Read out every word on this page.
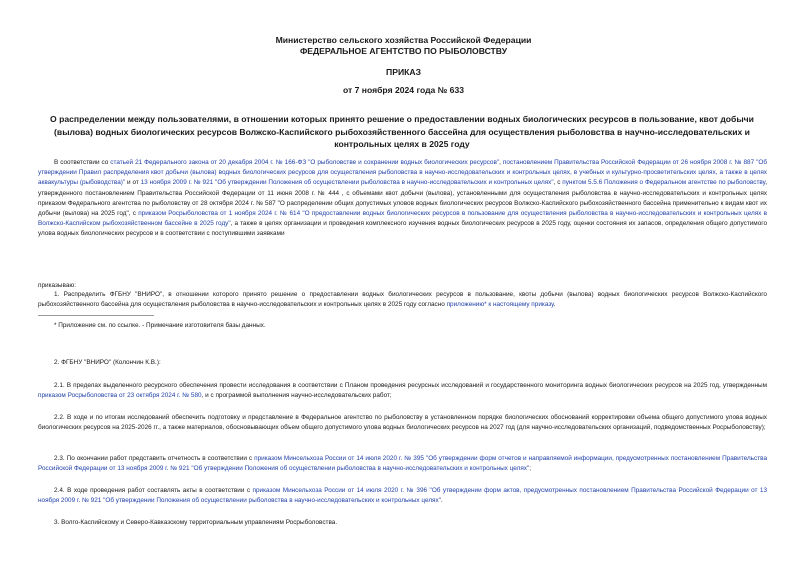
Министерство сельского хозяйства Российской Федерации
ФЕДЕРАЛЬНОЕ АГЕНТСТВО ПО РЫБОЛОВСТВУ
ПРИКАЗ
от 7 ноября 2024 года № 633
О распределении между пользователями, в отношении которых принято решение о предоставлении водных биологических ресурсов в пользование, квот добычи (вылова) водных биологических ресурсов Волжско-Каспийского рыбохозяйственного бассейна для осуществления рыболовства в научно-исследовательских и контрольных целях в 2025 году
В соответствии со статьей 21 Федерального закона от 20 декабря 2004 г. № 166-ФЗ "О рыболовстве и сохранении водных биологических ресурсов", постановлением Правительства Российской Федерации от 26 ноября 2008 г. № 887 "Об утверждении Правил распределения квот добычи (вылова) водных биологических ресурсов для осуществления рыболовства в научно-исследовательских и контрольных целях, в учебных и культурно-просветительских целях, а также в целях аквакультуры (рыбоводства)" и от 13 ноября 2009 г. № 921 "Об утверждении Положения об осуществлении рыболовства в научно-исследовательских и контрольных целях", с пунктом 5.5.6 Положения о Федеральном агентстве по рыболовству, утвержденного постановлением Правительства Российской Федерации от 11 июня 2008 г. № 444 , с объемами квот добычи (вылова), установленными для осуществления рыболовства в научно-исследовательских и контрольных целях приказом Федерального агентства по рыболовству от 28 октября 2024 г. № 587 "О распределении общих допустимых уловов водных биологических ресурсов Волжско-Каспийского рыбохозяйственного бассейна применительно к видам квот их добычи (вылова) на 2025 год", с приказом Росрыболовства от 1 ноября 2024 г. № 614 "О предоставлении водных биологических ресурсов в пользование для осуществления рыболовства в научно-исследовательских и контрольных целях в Волжско-Каспийском рыбохозяйственном бассейне в 2025 году", а также в целях организации и проведения комплексного изучения водных биологических ресурсов в 2025 году, оценки состояния их запасов, определения общего допустимого улова водных биологических ресурсов и в соответствии с поступившими заявками
приказываю:
1. Распределить ФГБНУ "ВНИРО", в отношении которого принято решение о предоставлении водных биологических ресурсов в пользование, квоты добычи (вылова) водных биологических ресурсов Волжско-Каспийского рыбохозяйственного бассейна для осуществления рыболовства в научно-исследовательских и контрольных целях в 2025 году согласно приложению* к настоящему приказу.
* Приложение см. по ссылке. - Примечание изготовителя базы данных.
2. ФГБНУ "ВНИРО" (Колончин К.В.):
2.1. В пределах выделенного ресурсного обеспечения провести исследования в соответствии с Планом проведения ресурсных исследований и государственного мониторинга водных биологических ресурсов на 2025 год, утвержденным приказом Росрыболовства от 23 октября 2024 г. № 580, и с программой выполнения научно-исследовательских работ;
2.2. В ходе и по итогам исследований обеспечить подготовку и представление в Федеральное агентство по рыболовству в установленном порядке биологических обоснований корректировки объема общего допустимого улова водных биологических ресурсов на 2025-2026 гг., а также материалов, обосновывающих объем общего допустимого улова водных биологических ресурсов на 2027 год (для научно-исследовательских организаций, подведомственных Росрыболовству);
2.3. По окончании работ представить отчетность в соответствии с приказом Минсельхоза России от 14 июля 2020 г. № 395 "Об утверждении форм отчетов и направляемой информации, предусмотренных постановлением Правительства Российской Федерации от 13 ноября 2009 г. № 921 "Об утверждении Положения об осуществлении рыболовства в научно-исследовательских и контрольных целях";
2.4. В ходе проведения работ составлять акты в соответствии с приказом Минсельхоза России от 14 июля 2020 г. № 396 "Об утверждении форм актов, предусмотренных постановлением Правительства Российской Федерации от 13 ноября 2009 г. № 921 "Об утверждении Положения об осуществлении рыболовства в научно-исследовательских и контрольных целях".
3. Волго-Каспийскому и Северо-Кавказскому территориальным управлениям Росрыболовства.
